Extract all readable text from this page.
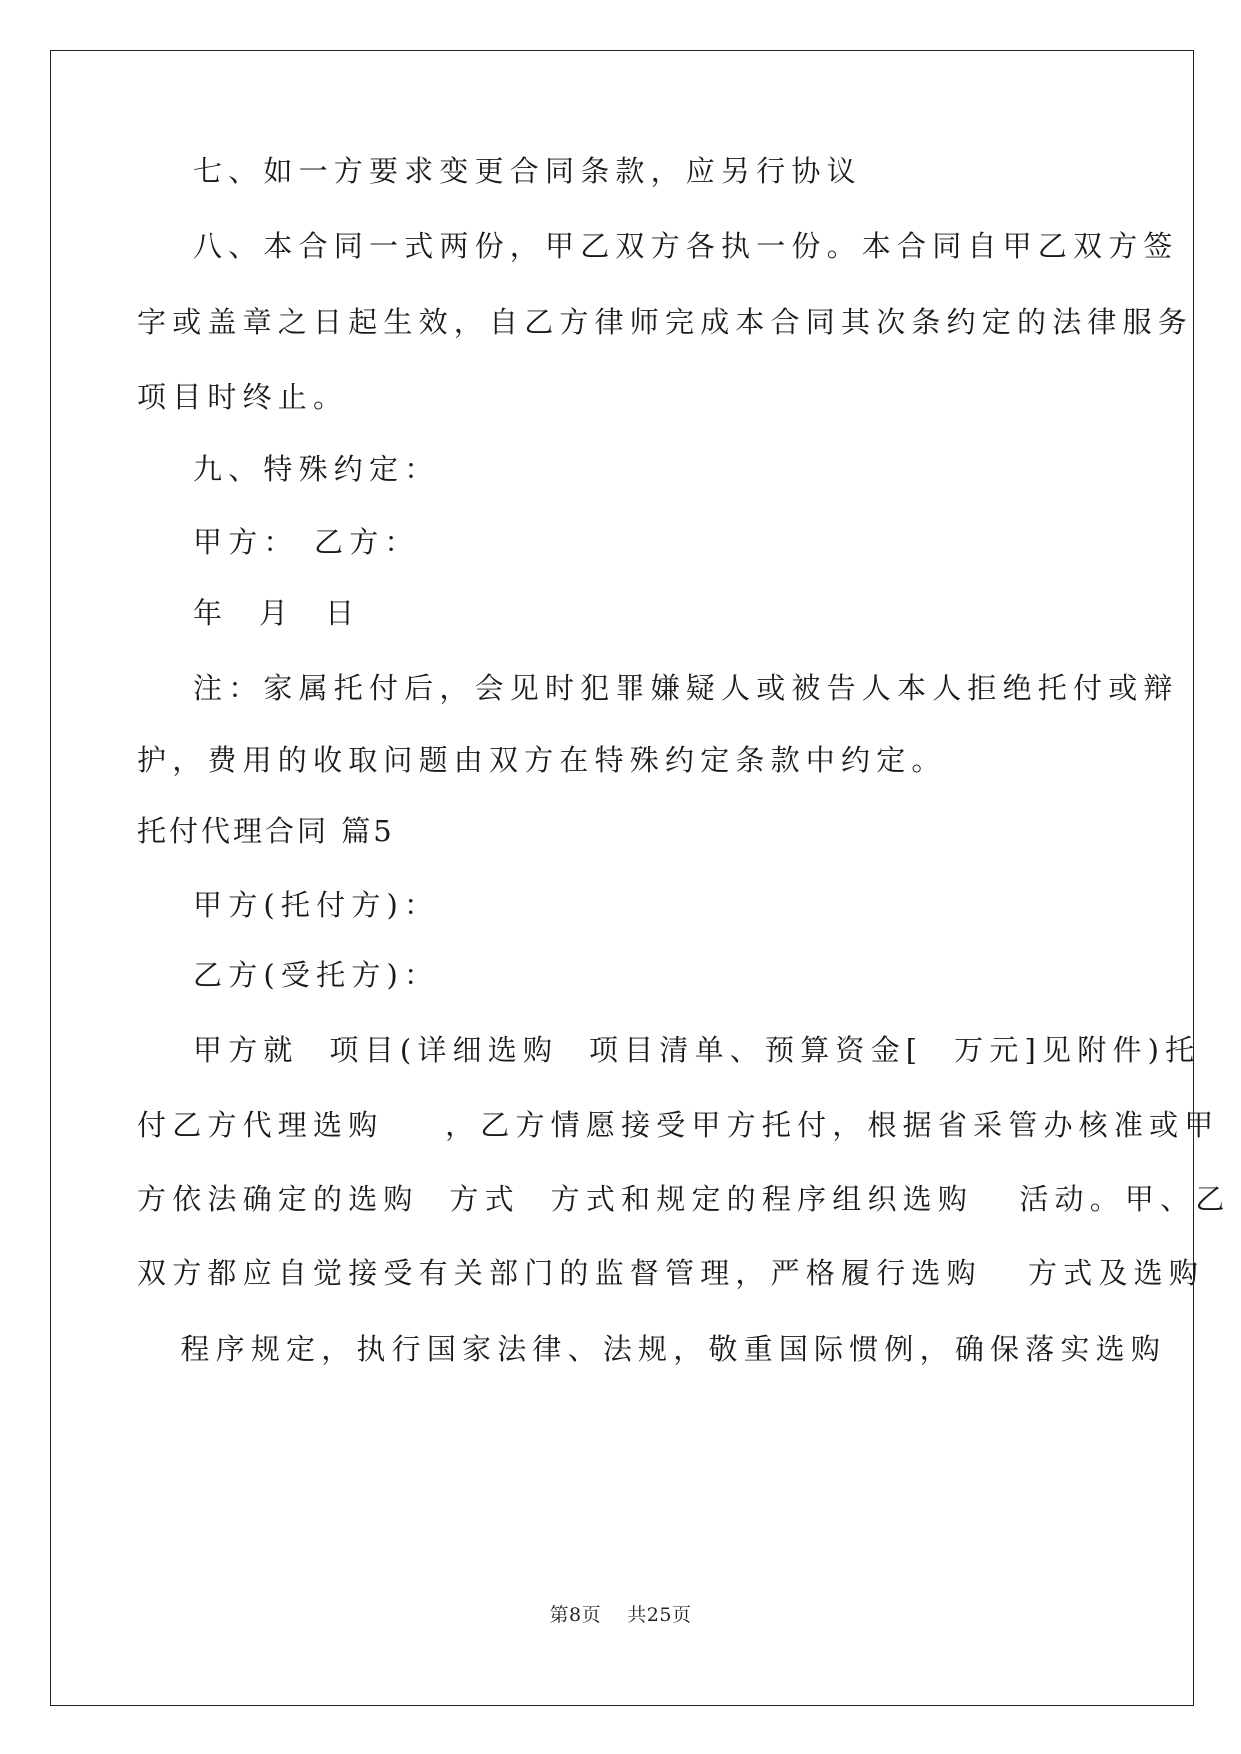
七、如一方要求变更合同条款，应另行协议
八、本合同一式两份，甲乙双方各执一份。本合同自甲乙双方签
字或盖章之日起生效，自乙方律师完成本合同其次条约定的法律服务
项目时终止。
九、特殊约定：
甲方： 乙方：
年  月  日
注：家属托付后，会见时犯罪嫌疑人或被告人本人拒绝托付或辩
护，费用的收取问题由双方在特殊约定条款中约定。
托付代理合同 篇5
甲方(托付方)：
乙方(受托方)：
甲方就  项目(详细选购  项目清单、预算资金[  万元]见附件)托
付乙方代理选购    ，乙方情愿接受甲方托付，根据省采管办核准或甲
方依法确定的选购  方式  方式和规定的程序组织选购   活动。甲、乙
双方都应自觉接受有关部门的监督管理，严格履行选购   方式及选购
程序规定，执行国家法律、法规，敬重国际惯例，确保落实选购
第8页    共25页
